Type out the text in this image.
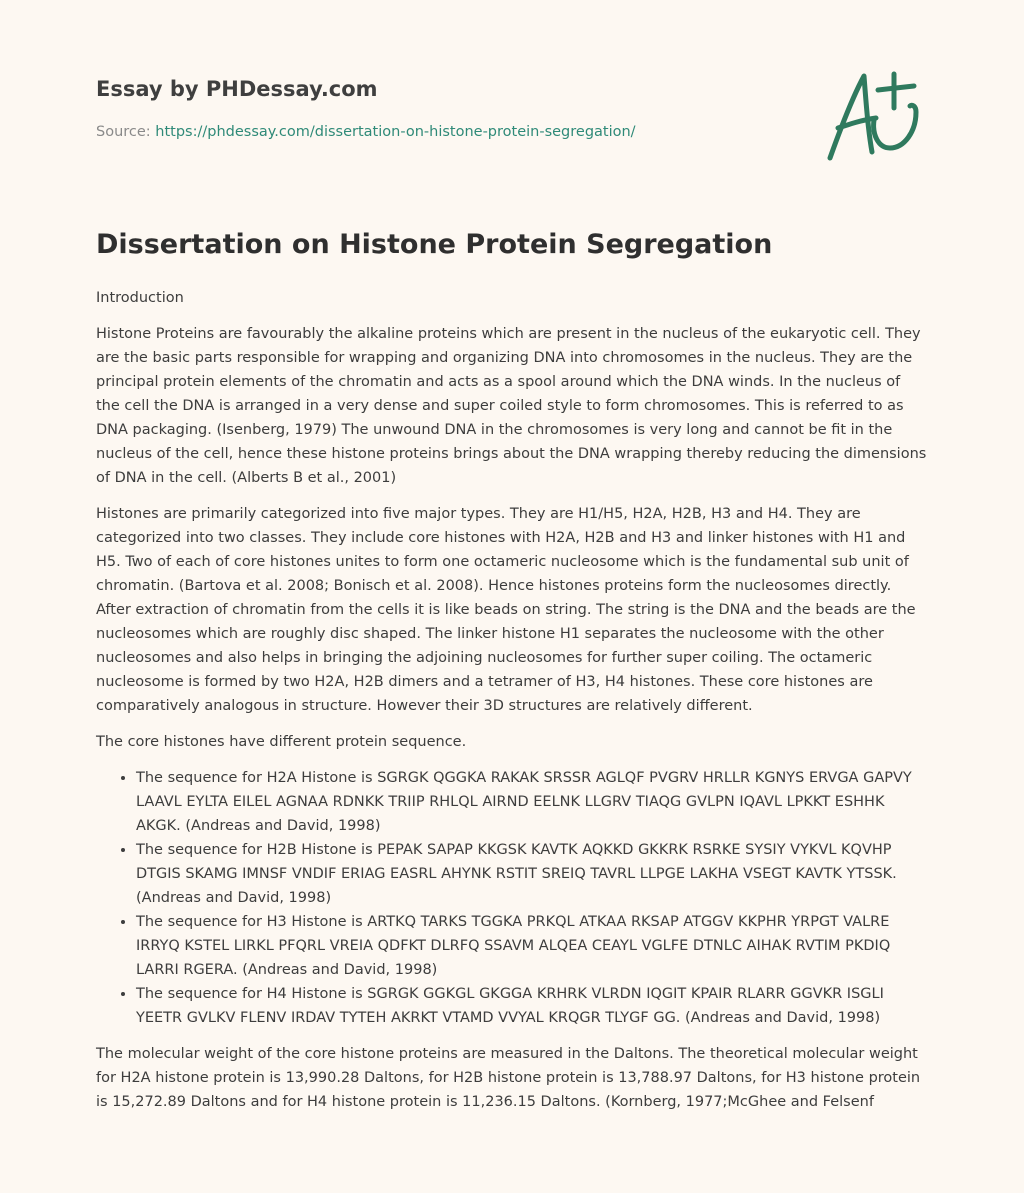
Essay by PHDessay.com
Source: https://phdessay.com/dissertation-on-histone-protein-segregation/
Dissertation on Histone Protein Segregation

Introduction

Histone Proteins are favourably the alkaline proteins which are present in the nucleus of the eukaryotic cell. They are the basic parts responsible for wrapping and organizing DNA into chromosomes in the nucleus. They are the principal protein elements of the chromatin and acts as a spool around which the DNA winds. In the nucleus of the cell the DNA is arranged in a very dense and super coiled style to form chromosomes. This is referred to as DNA packaging. (Isenberg, 1979) The unwound DNA in the chromosomes is very long and cannot be fit in the nucleus of the cell, hence these histone proteins brings about the DNA wrapping thereby reducing the dimensions of DNA in the cell. (Alberts B et al., 2001)

Histones are primarily categorized into five major types. They are H1/H5, H2A, H2B, H3 and H4. They are categorized into two classes. They include core histones with H2A, H2B and H3 and linker histones with H1 and H5. Two of each of core histones unites to form one octameric nucleosome which is the fundamental sub unit of chromatin. (Bartova et al. 2008; Bonisch et al. 2008). Hence histones proteins form the nucleosomes directly. After extraction of chromatin from the cells it is like beads on string. The string is the DNA and the beads are the nucleosomes which are roughly disc shaped. The linker histone H1 separates the nucleosome with the other nucleosomes and also helps in bringing the adjoining nucleosomes for further super coiling. The octameric nucleosome is formed by two H2A, H2B dimers and a tetramer of H3, H4 histones. These core histones are comparatively analogous in structure. However their 3D structures are relatively different.

The core histones have different protein sequence.

• The sequence for H2A Histone is SGRGK QGGKA RAKAK SRSSR AGLQF PVGRV HRLLR KGNYS ERVGA GAPVY LAAVL EYLTA EILEL AGNAA RDNKK TRIIP RHLQL AIRND EELNK LLGRV TIAQG GVLPN IQAVL LPKKT ESHHK AKGK. (Andreas and David, 1998)
• The sequence for H2B Histone is PEPAK SAPAP KKGSK KAVTK AQKKD GKKRK RSRKE SYSIY VYKVL KQVHP DTGIS SKAMG IMNSF VNDIF ERIAG EASRL AHYNK RSTIT SREIQ TAVRL LLPGE LAKHA VSEGT KAVTK YTSSK. (Andreas and David, 1998)
• The sequence for H3 Histone is ARTKQ TARKS TGGKA PRKQL ATKAA RKSAP ATGGV KKPHR YRPGT VALRE IRRYQ KSTEL LIRKL PFQRL VREIA QDFKT DLRFQ SSAVM ALQEA CEAYL VGLFE DTNLC AIHAK RVTIM PKDIQ LARRI RGERA. (Andreas and David, 1998)
• The sequence for H4 Histone is SGRGK GGKGL GKGGA KRHRK VLRDN IQGIT KPAIR RLARR GGVKR ISGLI YEETR GVLKV FLENV IRDAV TYTEH AKRKT VTAMD VVYAL KRQGR TLYGF GG. (Andreas and David, 1998)

The molecular weight of the core histone proteins are measured in the Daltons. The theoretical molecular weight for H2A histone protein is 13,990.28 Daltons, for H2B histone protein is 13,788.97 Daltons, for H3 histone protein is 15,272.89 Daltons and for H4 histone protein is 11,236.15 Daltons. (Kornberg, 1977;McGhee and Felsenf
